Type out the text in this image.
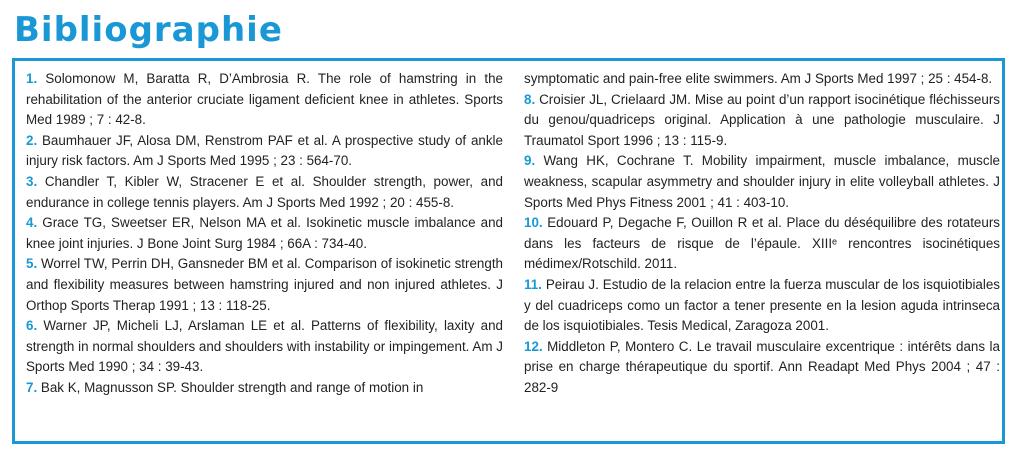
Bibliographie

1. Solomonow M, Baratta R, D’Ambrosia R. The role of hamstring in the rehabilitation of the anterior cruciate ligament deficient knee in athletes. Sports Med 1989 ; 7 : 42-8.

2. Baumhauer JF, Alosa DM, Renstrom PAF et al. A prospective study of ankle injury risk factors. Am J Sports Med 1995 ; 23 : 564-70.

3. Chandler T, Kibler W, Stracener E et al. Shoulder strength, power, and endurance in college tennis players. Am J Sports Med 1992 ; 20 : 455-8.

4. Grace TG, Sweetser ER, Nelson MA et al. Isokinetic muscle imbalance and knee joint injuries. J Bone Joint Surg 1984 ; 66A : 734-40.

5. Worrel TW, Perrin DH, Gansneder BM et al. Comparison of isokinetic strength and flexibility measures between hamstring injured and non injured athletes. J Orthop Sports Therap 1991 ; 13 : 118-25.

6. Warner JP, Micheli LJ, Arslaman LE et al. Patterns of flexibility, laxity and strength in normal shoulders and shoulders with instability or impingement. Am J Sports Med 1990 ; 34 : 39-43.

7. Bak K, Magnusson SP. Shoulder strength and range of motion in

symptomatic and pain-free elite swimmers. Am J Sports Med 1997 ; 25 : 454-8.

8. Croisier JL, Crielaard JM. Mise au point d’un rapport isocinétique fléchisseurs du genou/quadriceps original. Application à une pathologie musculaire. J Traumatol Sport 1996 ; 13 : 115-9.

9. Wang HK, Cochrane T. Mobility impairment, muscle imbalance, muscle weakness, scapular asymmetry and shoulder injury in elite volleyball athletes. J Sports Med Phys Fitness 2001 ; 41 : 403-10.

10. Edouard P, Degache F, Ouillon R et al. Place du déséquilibre des rotateurs dans les facteurs de risque de l’épaule. XIIIᵉ rencontres isocinétiques médimex/Rotschild. 2011.

11. Peirau J. Estudio de la relacion entre la fuerza muscular de los isquiotibiales y del cuadriceps como un factor a tener presente en la lesion aguda intrinseca de los isquiotibiales. Tesis Medical, Zaragoza 2001.

12. Middleton P, Montero C. Le travail musculaire excentrique : intérêts dans la prise en charge thérapeutique du sportif. Ann Readapt Med Phys 2004 ; 47 : 282-9
